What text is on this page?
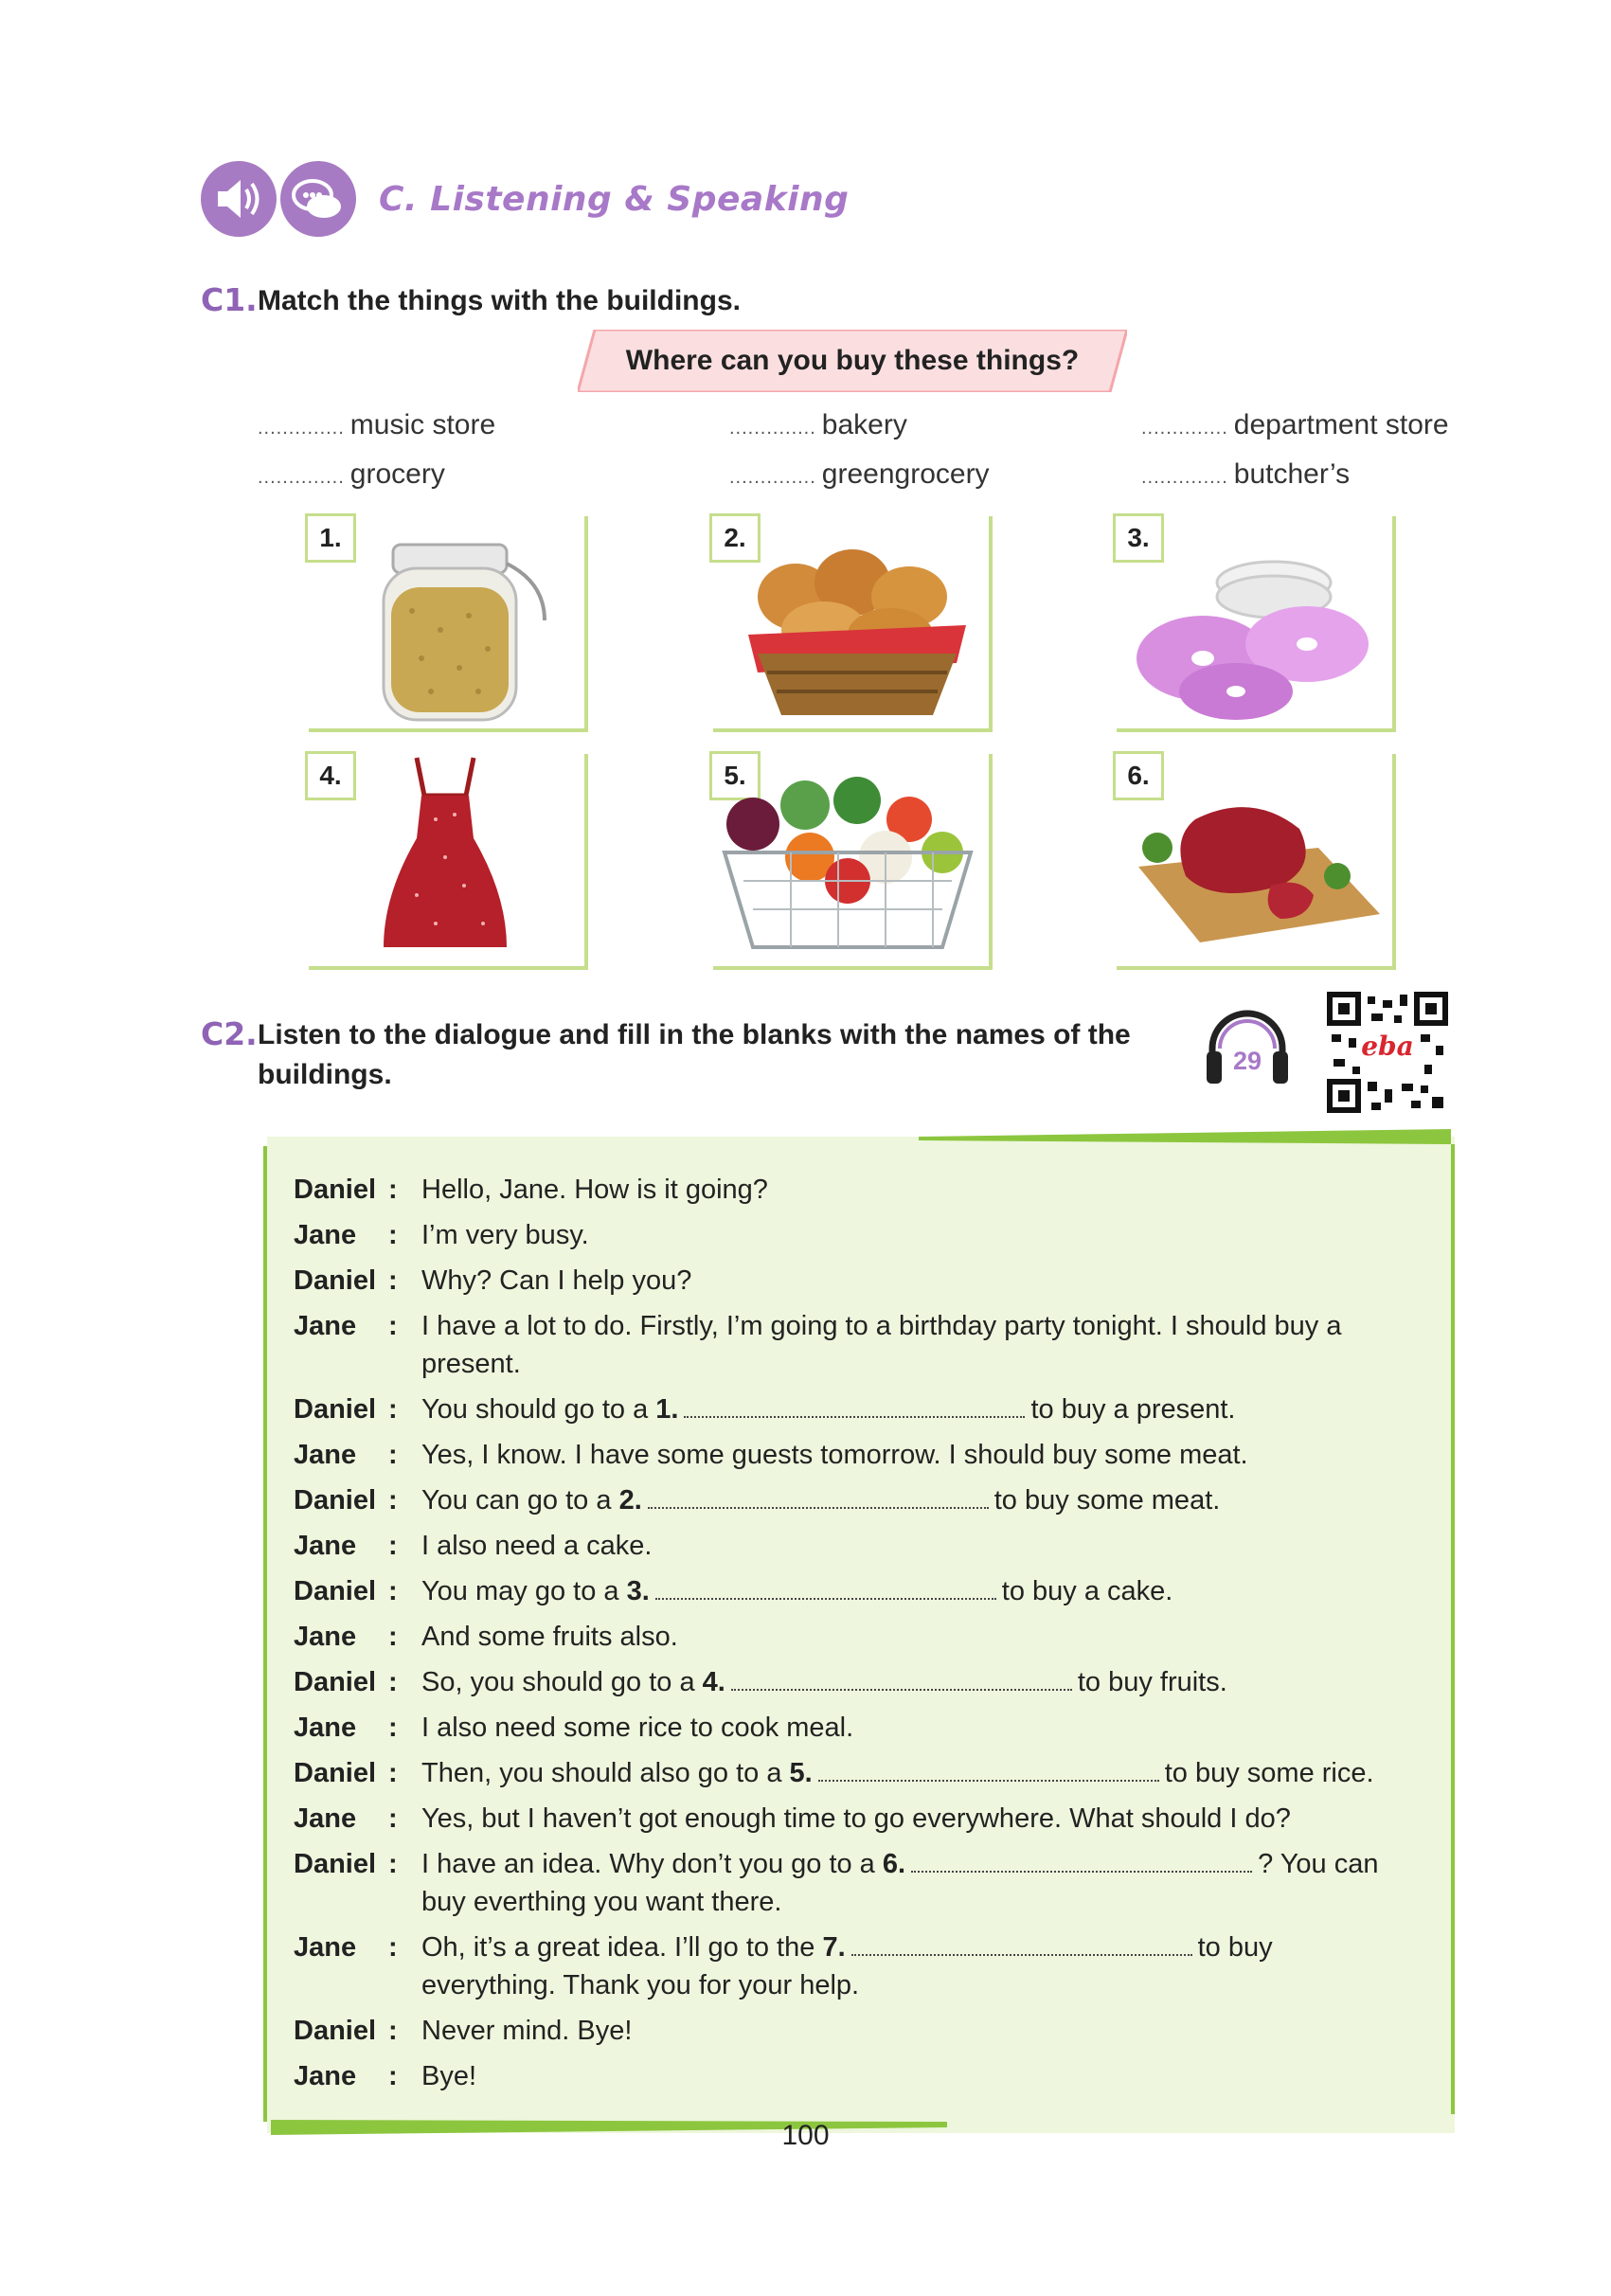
C. Listening & Speaking
C1. Match the things with the buildings.
Where can you buy these things?
.............. music store	.............. bakery	.............. department store
.............. grocery	.............. greengrocery	.............. butcher’s
1.	2.	3.
4.	5.	6.
C2. Listen to the dialogue and fill in the blanks with the names of the
buildings.	29	eba
Daniel : Hello, Jane. How is it going?
Jane	: I’m very busy.
Daniel : Why? Can I help you?
Jane	: I have a lot to do. Firstly, I’m going to a birthday party tonight. I should buy a present.
Daniel : You should go to a 1.	to buy a present.
Jane	: Yes, I know. I have some guests tomorrow. I should buy some meat.
Daniel : You can go to a 2.	to buy some meat.
Jane	: I also need a cake.
Daniel : You may go to a 3.	to buy a cake.
Jane	: And some fruits also.
Daniel : So, you should go to a 4.	to buy fruits.
Jane	: I also need some rice to cook meal.
Daniel : Then, you should also go to a 5.	to buy some rice.
Jane	: Yes, but I haven’t got enough time to go everywhere. What should I do?
Daniel : I have an idea. Why don’t you go to a 6.	? You can buy everthing you want there.
Jane	: Oh, it’s a great idea. I’ll go to the 7.	to buy everything. Thank you for your help.
Daniel : Never mind. Bye!
Jane	: Bye!
100
